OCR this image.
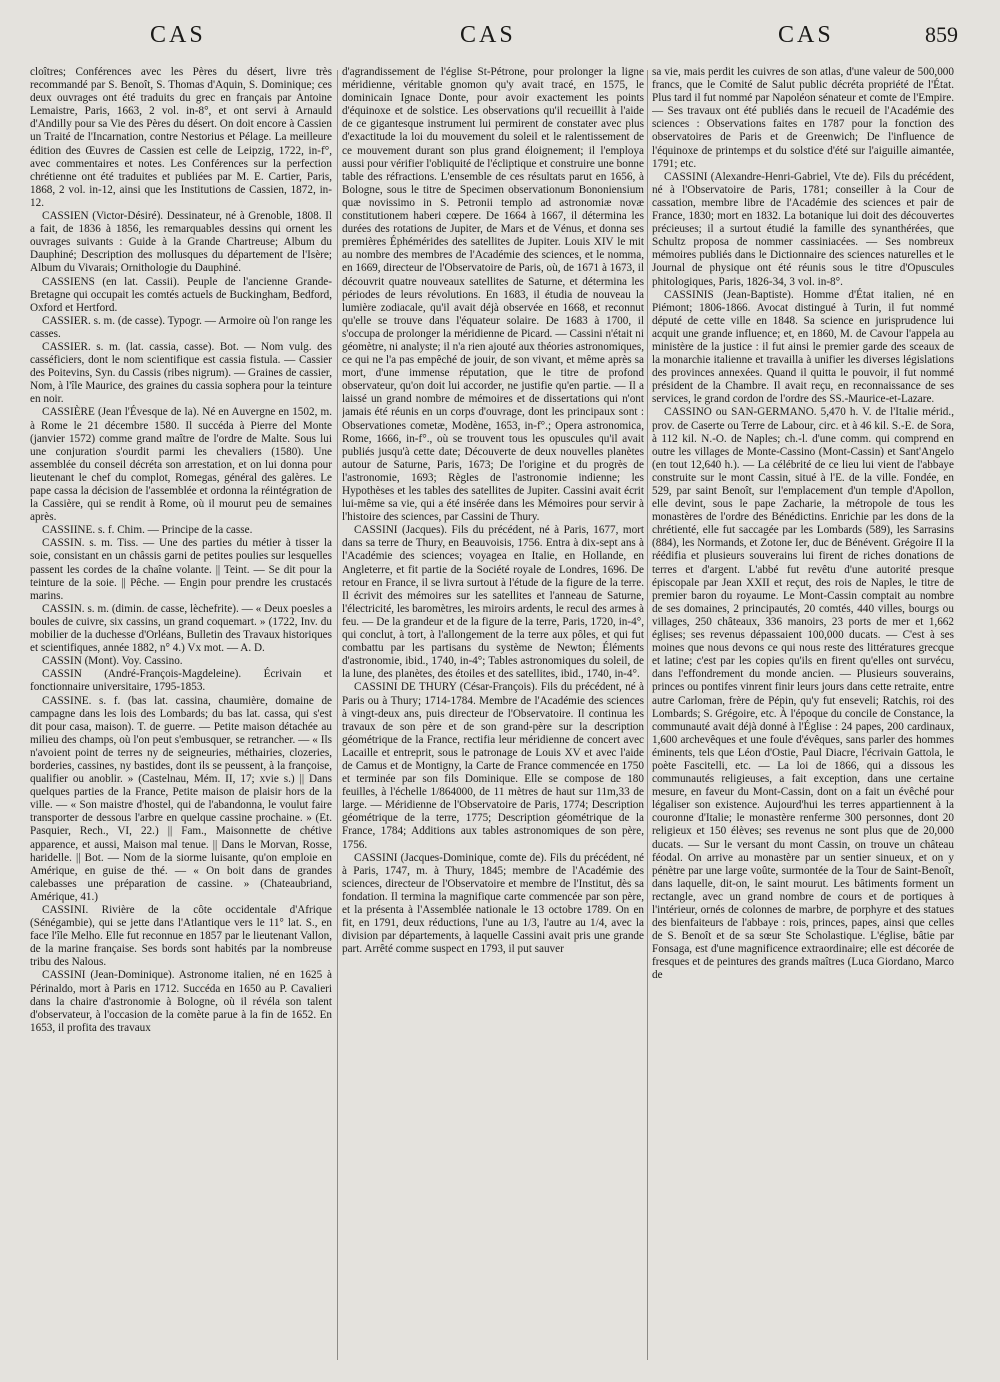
CAS	CAS	CAS	859

cloîtres; Conférences avec les Pères du désert, livre très recommandé par S. Benoît, S. Thomas d'Aquin, S. Dominique; ces deux ouvrages ont été traduits du grec en français par Antoine Lemaistre, Paris, 1663, 2 vol. in-8°, et ont servi à Arnauld d'Andilly pour sa Vie des Pères du désert. On doit encore à Cassien un Traité de l'Incarnation, contre Nestorius et Pélage. La meilleure édition des Œuvres de Cassien est celle de Leipzig, 1722, in-f°, avec commentaires et notes. Les Conférences sur la perfection chrétienne ont été traduites et publiées par M. E. Cartier, Paris, 1868, 2 vol. in-12, ainsi que les Institutions de Cassien, 1872, in-12.

CASSIEN (Victor-Désiré). Dessinateur, né à Grenoble, 1808. Il a fait, de 1836 à 1856, les remarquables dessins qui ornent les ouvrages suivants : Guide à la Grande Chartreuse; Album du Dauphiné; Description des mollusques du département de l'Isère; Album du Vivarais; Ornithologie du Dauphiné.

CASSIENS (en lat. Cassii). Peuple de l'ancienne Grande-Bretagne qui occupait les comtés actuels de Buckingham, Bedford, Oxford et Hertford.

CASSIER. s. m. (de casse). Typogr. — Armoire où l'on range les casses.

CASSIER. s. m. (lat. cassia, casse). Bot. — Nom vulg. des casséficiers, dont le nom scientifique est cassia fistula. — Cassier des Poitevins, Syn. du Cassis (ribes nigrum). — Graines de cassier, Nom, à l'île Maurice, des graines du cassia sophera pour la teinture en noir.

CASSIÈRE (Jean l'Évesque de la). Né en Auvergne en 1502, m. à Rome le 21 décembre 1580. Il succéda à Pierre del Monte (janvier 1572) comme grand maître de l'ordre de Malte. Sous lui une conjuration s'ourdit parmi les chevaliers (1580). Une assemblée du conseil décréta son arrestation, et on lui donna pour lieutenant le chef du complot, Romegas, général des galères. Le pape cassa la décision de l'assemblée et ordonna la réintégration de la Cassière, qui se rendit à Rome, où il mourut peu de semaines après.

CASSIINE. s. f. Chim. — Principe de la casse.

CASSIN. s. m. Tiss. — Une des parties du métier à tisser la soie, consistant en un châssis garni de petites poulies sur lesquelles passent les cordes de la chaîne volante. || Teint. — Se dit pour la teinture de la soie. || Pêche. — Engin pour prendre les crustacés marins.

CASSIN. s. m. (dimin. de casse, lèchefrite). — « Deux poesles a boules de cuivre, six cassins, un grand coquemart. » (1722, Inv. du mobilier de la duchesse d'Orléans, Bulletin des Travaux historiques et scientifiques, année 1882, n° 4.) Vx mot. — A. D.

CASSIN (Mont). Voy. Cassino.

CASSIN (André-François-Magdeleine). Écrivain et fonctionnaire universitaire, 1795-1853.

CASSINE. s. f. (bas lat. cassina, chaumière, domaine de campagne dans les lois des Lombards; du bas lat. cassa, qui s'est dit pour casa, maison). T. de guerre. — Petite maison détachée au milieu des champs, où l'on peut s'embusquer, se retrancher. — « Ils n'avoient point de terres ny de seigneuries, méthairies, clozeries, borderies, cassines, ny bastides, dont ils se peussent, à la françoise, qualifier ou anoblir. » (Castelnau, Mém. II, 17; xvie s.) || Dans quelques parties de la France, Petite maison de plaisir hors de la ville. — « Son maistre d'hostel, qui de l'abandonna, le voulut faire transporter de dessous l'arbre en quelque cassine prochaine. » (Et. Pasquier, Rech., VI, 22.) || Fam., Maisonnette de chétive apparence, et aussi, Maison mal tenue. || Dans le Morvan, Rosse, haridelle. || Bot. — Nom de la siorme luisante, qu'on emploie en Amérique, en guise de thé. — « On boit dans de grandes calebasses une préparation de cassine. » (Chateaubriand, Amérique, 41.)

CASSINI. Rivière de la côte occidentale d'Afrique (Sénégambie), qui se jette dans l'Atlantique vers le 11° lat. S., en face l'île Melho. Elle fut reconnue en 1857 par le lieutenant Vallon, de la marine française. Ses bords sont habités par la nombreuse tribu des Nalous.

CASSINI (Jean-Dominique). Astronome italien, né en 1625 à Périnaldo, mort à Paris en 1712. Succéda en 1650 au P. Cavalieri dans la chaire d'astronomie à Bologne, où il révéla son talent d'observateur, à l'occasion de la comète parue à la fin de 1652. En 1653, il profita des travaux

d'agrandissement de l'église St-Pétrone, pour prolonger la ligne méridienne, véritable gnomon qu'y avait tracé, en 1575, le dominicain Ignace Donte, pour avoir exactement les points d'équinoxe et de solstice. Les observations qu'il recueillit à l'aide de ce gigantesque instrument lui permirent de constater avec plus d'exactitude la loi du mouvement du soleil et le ralentissement de ce mouvement durant son plus grand éloignement; il l'employa aussi pour vérifier l'obliquité de l'écliptique et construire une bonne table des réfractions. L'ensemble de ces résultats parut en 1656, à Bologne, sous le titre de Specimen observationum Bononiensium quæ novissimo in S. Petronii templo ad astronomiæ novæ constitutionem haberi cœpere. De 1664 à 1667, il détermina les durées des rotations de Jupiter, de Mars et de Vénus, et donna ses premières Éphémérides des satellites de Jupiter. Louis XIV le mit au nombre des membres de l'Académie des sciences, et le nomma, en 1669, directeur de l'Observatoire de Paris, où, de 1671 à 1673, il découvrit quatre nouveaux satellites de Saturne, et détermina les périodes de leurs révolutions. En 1683, il étudia de nouveau la lumière zodiacale, qu'il avait déjà observée en 1668, et reconnut qu'elle se trouve dans l'équateur solaire. De 1683 à 1700, il s'occupa de prolonger la méridienne de Picard. — Cassini n'était ni géomètre, ni analyste; il n'a rien ajouté aux théories astronomiques, ce qui ne l'a pas empêché de jouir, de son vivant, et même après sa mort, d'une immense réputation, que le titre de profond observateur, qu'on doit lui accorder, ne justifie qu'en partie. — Il a laissé un grand nombre de mémoires et de dissertations qui n'ont jamais été réunis en un corps d'ouvrage, dont les principaux sont : Observationes cometæ, Modène, 1653, in-f°.; Opera astronomica, Rome, 1666, in-f°., où se trouvent tous les opuscules qu'il avait publiés jusqu'à cette date; Découverte de deux nouvelles planètes autour de Saturne, Paris, 1673; De l'origine et du progrès de l'astronomie, 1693; Règles de l'astronomie indienne; les Hypothèses et les tables des satellites de Jupiter. Cassini avait écrit lui-même sa vie, qui a été insérée dans les Mémoires pour servir à l'histoire des sciences, par Cassini de Thury.

CASSINI (Jacques). Fils du précédent, né à Paris, 1677, mort dans sa terre de Thury, en Beauvoisis, 1756. Entra à dix-sept ans à l'Académie des sciences; voyagea en Italie, en Hollande, en Angleterre, et fit partie de la Société royale de Londres, 1696. De retour en France, il se livra surtout à l'étude de la figure de la terre. Il écrivit des mémoires sur les satellites et l'anneau de Saturne, l'électricité, les baromètres, les miroirs ardents, le recul des armes à feu. — De la grandeur et de la figure de la terre, Paris, 1720, in-4°, qui conclut, à tort, à l'allongement de la terre aux pôles, et qui fut combattu par les partisans du système de Newton; Éléments d'astronomie, ibid., 1740, in-4°; Tables astronomiques du soleil, de la lune, des planètes, des étoiles et des satellites, ibid., 1740, in-4°.

CASSINI DE THURY (César-François). Fils du précédent, né à Paris ou à Thury; 1714-1784. Membre de l'Académie des sciences à vingt-deux ans, puis directeur de l'Observatoire. Il continua les travaux de son père et de son grand-père sur la description géométrique de la France, rectifia leur méridienne de concert avec Lacaille et entreprit, sous le patronage de Louis XV et avec l'aide de Camus et de Montigny, la Carte de France commencée en 1750 et terminée par son fils Dominique. Elle se compose de 180 feuilles, à l'échelle 1/864000, de 11 mètres de haut sur 11m,33 de large. — Méridienne de l'Observatoire de Paris, 1774; Description géométrique de la terre, 1775; Description géométrique de la France, 1784; Additions aux tables astronomiques de son père, 1756.

CASSINI (Jacques-Dominique, comte de). Fils du précédent, né à Paris, 1747, m. à Thury, 1845; membre de l'Académie des sciences, directeur de l'Observatoire et membre de l'Institut, dès sa fondation. Il termina la magnifique carte commencée par son père, et la présenta à l'Assemblée nationale le 13 octobre 1789. On en fit, en 1791, deux réductions, l'une au 1/3, l'autre au 1/4, avec la division par départements, à laquelle Cassini avait pris une grande part. Arrêté comme suspect en 1793, il put sauver

sa vie, mais perdit les cuivres de son atlas, d'une valeur de 500,000 francs, que le Comité de Salut public décréta propriété de l'État. Plus tard il fut nommé par Napoléon sénateur et comte de l'Empire. — Ses travaux ont été publiés dans le recueil de l'Académie des sciences : Observations faites en 1787 pour la fonction des observatoires de Paris et de Greenwich; De l'influence de l'équinoxe de printemps et du solstice d'été sur l'aiguille aimantée, 1791; etc.

CASSINI (Alexandre-Henri-Gabriel, Vte de). Fils du précédent, né à l'Observatoire de Paris, 1781; conseiller à la Cour de cassation, membre libre de l'Académie des sciences et pair de France, 1830; mort en 1832. La botanique lui doit des découvertes précieuses; il a surtout étudié la famille des synanthérées, que Schultz proposa de nommer cassiniacées. — Ses nombreux mémoires publiés dans le Dictionnaire des sciences naturelles et le Journal de physique ont été réunis sous le titre d'Opuscules phitologiques, Paris, 1826-34, 3 vol. in-8°.

CASSINIS (Jean-Baptiste). Homme d'État italien, né en Piémont; 1806-1866. Avocat distingué à Turin, il fut nommé député de cette ville en 1848. Sa science en jurisprudence lui acquit une grande influence; et, en 1860, M. de Cavour l'appela au ministère de la justice : il fut ainsi le premier garde des sceaux de la monarchie italienne et travailla à unifier les diverses législations des provinces annexées. Quand il quitta le pouvoir, il fut nommé président de la Chambre. Il avait reçu, en reconnaissance de ses services, le grand cordon de l'ordre des SS.-Maurice-et-Lazare.

CASSINO ou SAN-GERMANO. 5,470 h. V. de l'Italie mérid., prov. de Caserte ou Terre de Labour, circ. et à 46 kil. S.-E. de Sora, à 112 kil. N.-O. de Naples; ch.-l. d'une comm. qui comprend en outre les villages de Monte-Cassino (Mont-Cassin) et Sant'Angelo (en tout 12,640 h.). — La célébrité de ce lieu lui vient de l'abbaye construite sur le mont Cassin, situé à l'E. de la ville. Fondée, en 529, par saint Benoît, sur l'emplacement d'un temple d'Apollon, elle devint, sous le pape Zacharie, la métropole de tous les monastères de l'ordre des Bénédictins. Enrichie par les dons de la chrétienté, elle fut saccagée par les Lombards (589), les Sarrasins (884), les Normands, et Zotone Ier, duc de Bénévent. Grégoire II la réédifia et plusieurs souverains lui firent de riches donations de terres et d'argent. L'abbé fut revêtu d'une autorité presque épiscopale par Jean XXII et reçut, des rois de Naples, le titre de premier baron du royaume. Le Mont-Cassin comptait au nombre de ses domaines, 2 principautés, 20 comtés, 440 villes, bourgs ou villages, 250 châteaux, 336 manoirs, 23 ports de mer et 1,662 églises; ses revenus dépassaient 100,000 ducats. — C'est à ses moines que nous devons ce qui nous reste des littératures grecque et latine; c'est par les copies qu'ils en firent qu'elles ont survécu, dans l'effondrement du monde ancien. — Plusieurs souverains, princes ou pontifes vinrent finir leurs jours dans cette retraite, entre autre Carloman, frère de Pépin, qu'y fut enseveli; Ratchis, roi des Lombards; S. Grégoire, etc. À l'époque du concile de Constance, la communauté avait déjà donné à l'Église : 24 papes, 200 cardinaux, 1,600 archevêques et une foule d'évêques, sans parler des hommes éminents, tels que Léon d'Ostie, Paul Diacre, l'écrivain Gattola, le poète Fascitelli, etc. — La loi de 1866, qui a dissous les communautés religieuses, a fait exception, dans une certaine mesure, en faveur du Mont-Cassin, dont on a fait un évêché pour légaliser son existence. Aujourd'hui les terres appartiennent à la couronne d'Italie; le monastère renferme 300 personnes, dont 20 religieux et 150 élèves; ses revenus ne sont plus que de 20,000 ducats. — Sur le versant du mont Cassin, on trouve un château féodal. On arrive au monastère par un sentier sinueux, et on y pénètre par une large voûte, surmontée de la Tour de Saint-Benoît, dans laquelle, dit-on, le saint mourut. Les bâtiments forment un rectangle, avec un grand nombre de cours et de portiques à l'intérieur, ornés de colonnes de marbre, de porphyre et des statues des bienfaiteurs de l'abbaye : rois, princes, papes, ainsi que celles de S. Benoît et de sa sœur Ste Scholastique. L'église, bâtie par Fonsaga, est d'une magnificence extraordinaire; elle est décorée de fresques et de peintures des grands maîtres (Luca Giordano, Marco de
